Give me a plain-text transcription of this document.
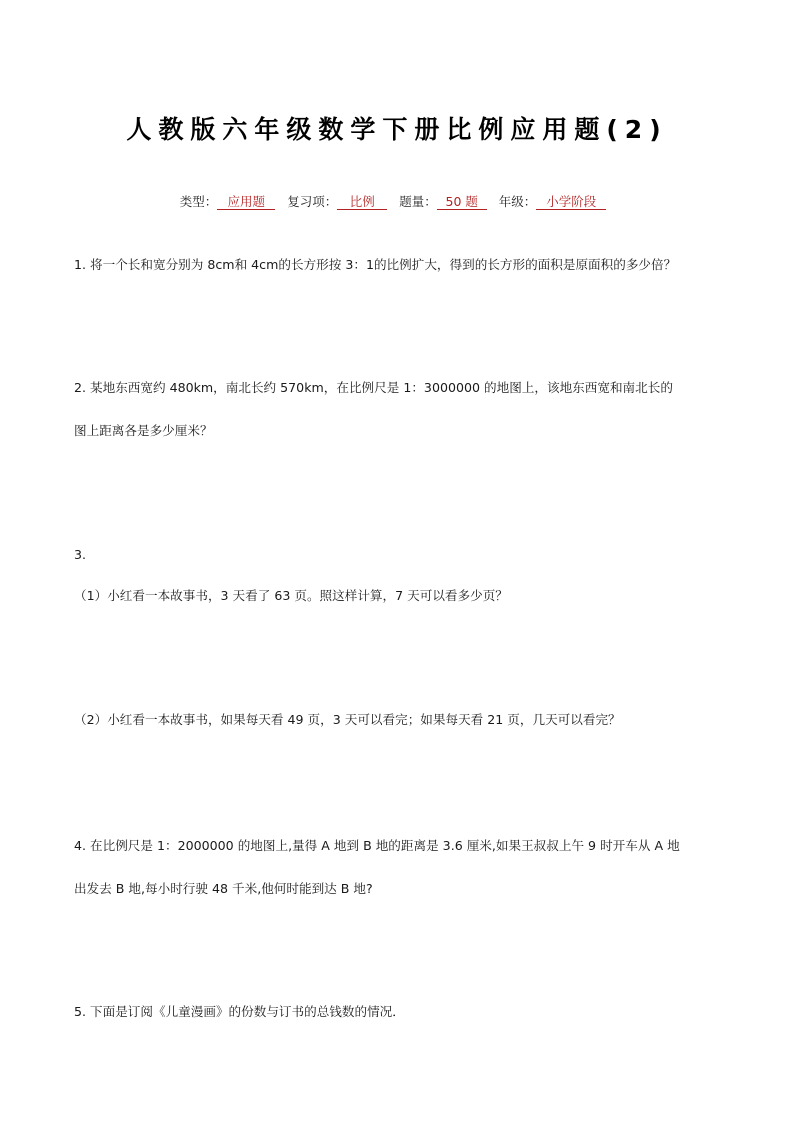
人教版六年级数学下册比例应用题(2)
类型： 应用题 复习项： 比例 题量： 50 题 年级： 小学阶段
1. 将一个长和宽分别为 8cm和 4cm的长方形按 3：1的比例扩大，得到的长方形的面积是原面积的多少倍？
2. 某地东西宽约 480km，南北长约 570km，在比例尺是 1：3000000 的地图上，该地东西宽和南北长的
图上距离各是多少厘米？
3.
（1）小红看一本故事书，3 天看了 63 页。照这样计算，7 天可以看多少页？
（2）小红看一本故事书，如果每天看 49 页，3 天可以看完；如果每天看 21 页，几天可以看完？
4. 在比例尺是 1：2000000 的地图上,量得 A 地到 B 地的距离是 3.6 厘米,如果王叔叔上午 9 时开车从 A 地
出发去 B 地,每小时行驶 48 千米,他何时能到达 B 地?
5. 下面是订阅《儿童漫画》的份数与订书的总钱数的情况．
